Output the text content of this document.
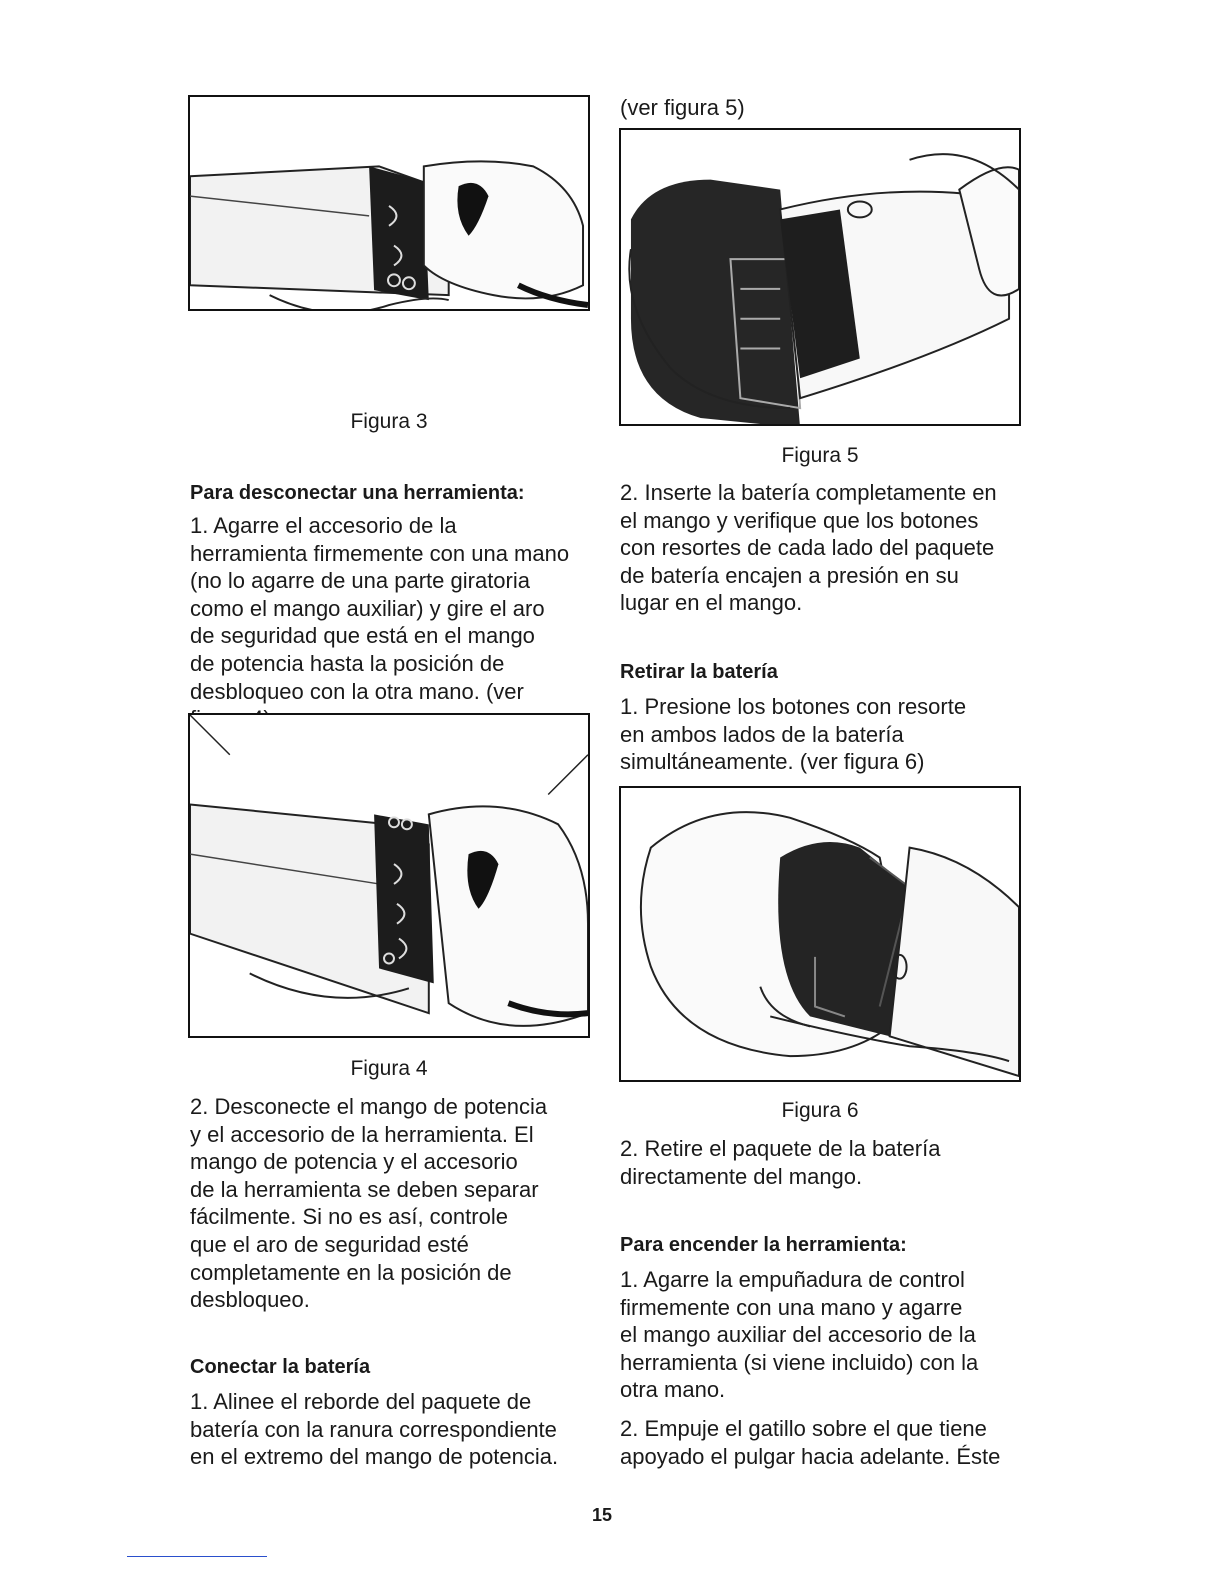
Figura 3
Para desconectar una herramienta:

1. Agarre el accesorio de la
herramienta firmemente con una mano
(no lo agarre de una parte giratoria
como el mango auxiliar) y gire el aro
de seguridad que está en el mango
de potencia hasta la posición de
desbloqueo con la otra mano. (ver

Figura 4

2. Desconecte el mango de potencia
y el accesorio de la herramienta. El
mango de potencia y el accesorio
de la herramienta se deben separar
fácilmente. Si no es así, controle
que el aro de seguridad esté
completamente en la posición de
desbloqueo.

Conectar la batería

1. Alinee el reborde del paquete de
batería con la ranura correspondiente
en el extremo del mango de potencia.

(ver figura 5)
Figura 5

2. Inserte la batería completamente en
el mango y verifique que los botones
con resortes de cada lado del paquete
de batería encajen a presión en su
lugar en el mango.

Retirar la batería

1. Presione los botones con resorte
en ambos lados de la batería
simultáneamente. (ver figura 6)

Figura 6

2. Retire el paquete de la batería
directamente del mango.

Para encender la herramienta:

1. Agarre la empuñadura de control
firmemente con una mano y agarre
el mango auxiliar del accesorio de la
herramienta (si viene incluido) con la
otra mano.

2. Empuje el gatillo sobre el que tiene
apoyado el pulgar hacia adelante. Éste

15
